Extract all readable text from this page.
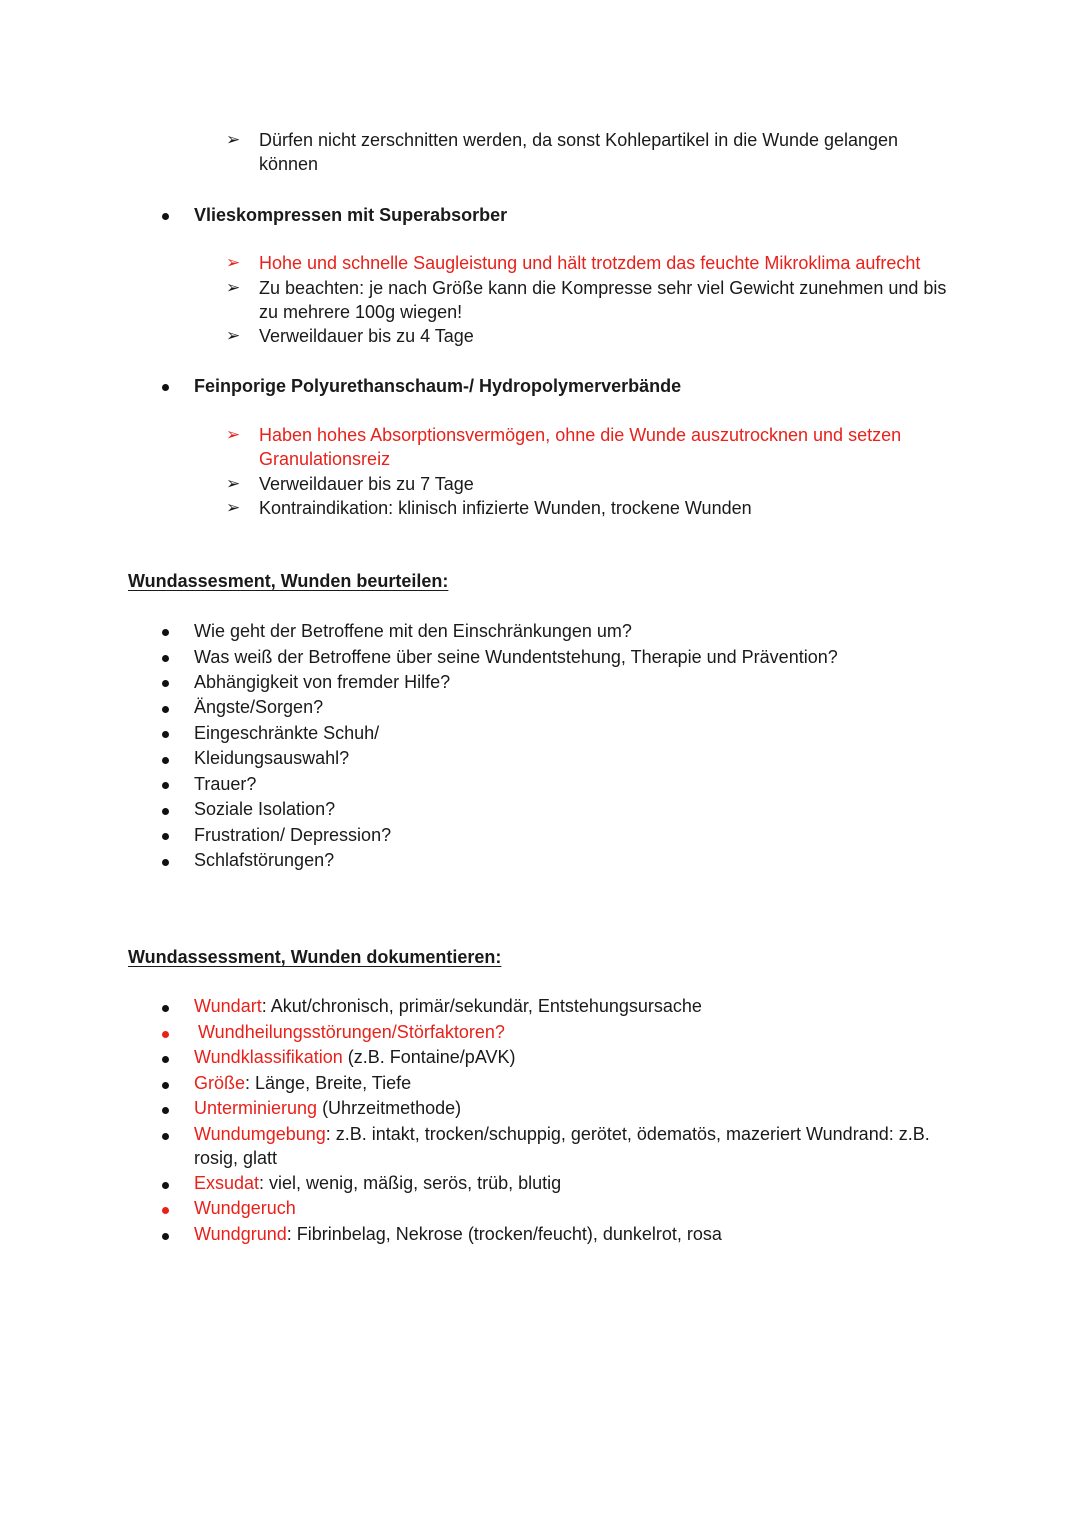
➢ Dürfen nicht zerschnitten werden, da sonst Kohlepartikel in die Wunde gelangen
können
Vlieskompressen mit Superabsorber
➢ Hohe und schnelle Saugleistung und hält trotzdem das feuchte Mikroklima aufrecht
➢ Zu beachten: je nach Größe kann die Kompresse sehr viel Gewicht zunehmen und bis
zu mehrere 100g wiegen!
➢ Verweildauer bis zu 4 Tage
Feinporige Polyurethanschaum-/ Hydropolymerverbände
➢ Haben hohes Absorptionsvermögen, ohne die Wunde auszutrocknen und setzen
Granulationsreiz
➢ Verweildauer bis zu 7 Tage
➢ Kontraindikation: klinisch infizierte Wunden, trockene Wunden
Wundassesment, Wunden beurteilen:
Wie geht der Betroffene mit den Einschränkungen um?
Was weiß der Betroffene über seine Wundentstehung, Therapie und Prävention?
Abhängigkeit von fremder Hilfe?
Ängste/Sorgen?
Eingeschränkte Schuh/
Kleidungsauswahl?
Trauer?
Soziale Isolation?
Frustration/ Depression?
Schlafstörungen?
Wundassessment, Wunden dokumentieren:
Wundart: Akut/chronisch, primär/sekundär, Entstehungsursache
Wundheilungsstörungen/Störfaktoren?
Wundklassifikation (z.B. Fontaine/pAVK)
Größe: Länge, Breite, Tiefe
Unterminierung (Uhrzeitmethode)
Wundumgebung: z.B. intakt, trocken/schuppig, gerötet, ödematös, mazeriert Wundrand: z.B.
rosig, glatt
Exsudat: viel, wenig, mäßig, serös, trüb, blutig
Wundgeruch
Wundgrund: Fibrinbelag, Nekrose (trocken/feucht), dunkelrot, rosa
